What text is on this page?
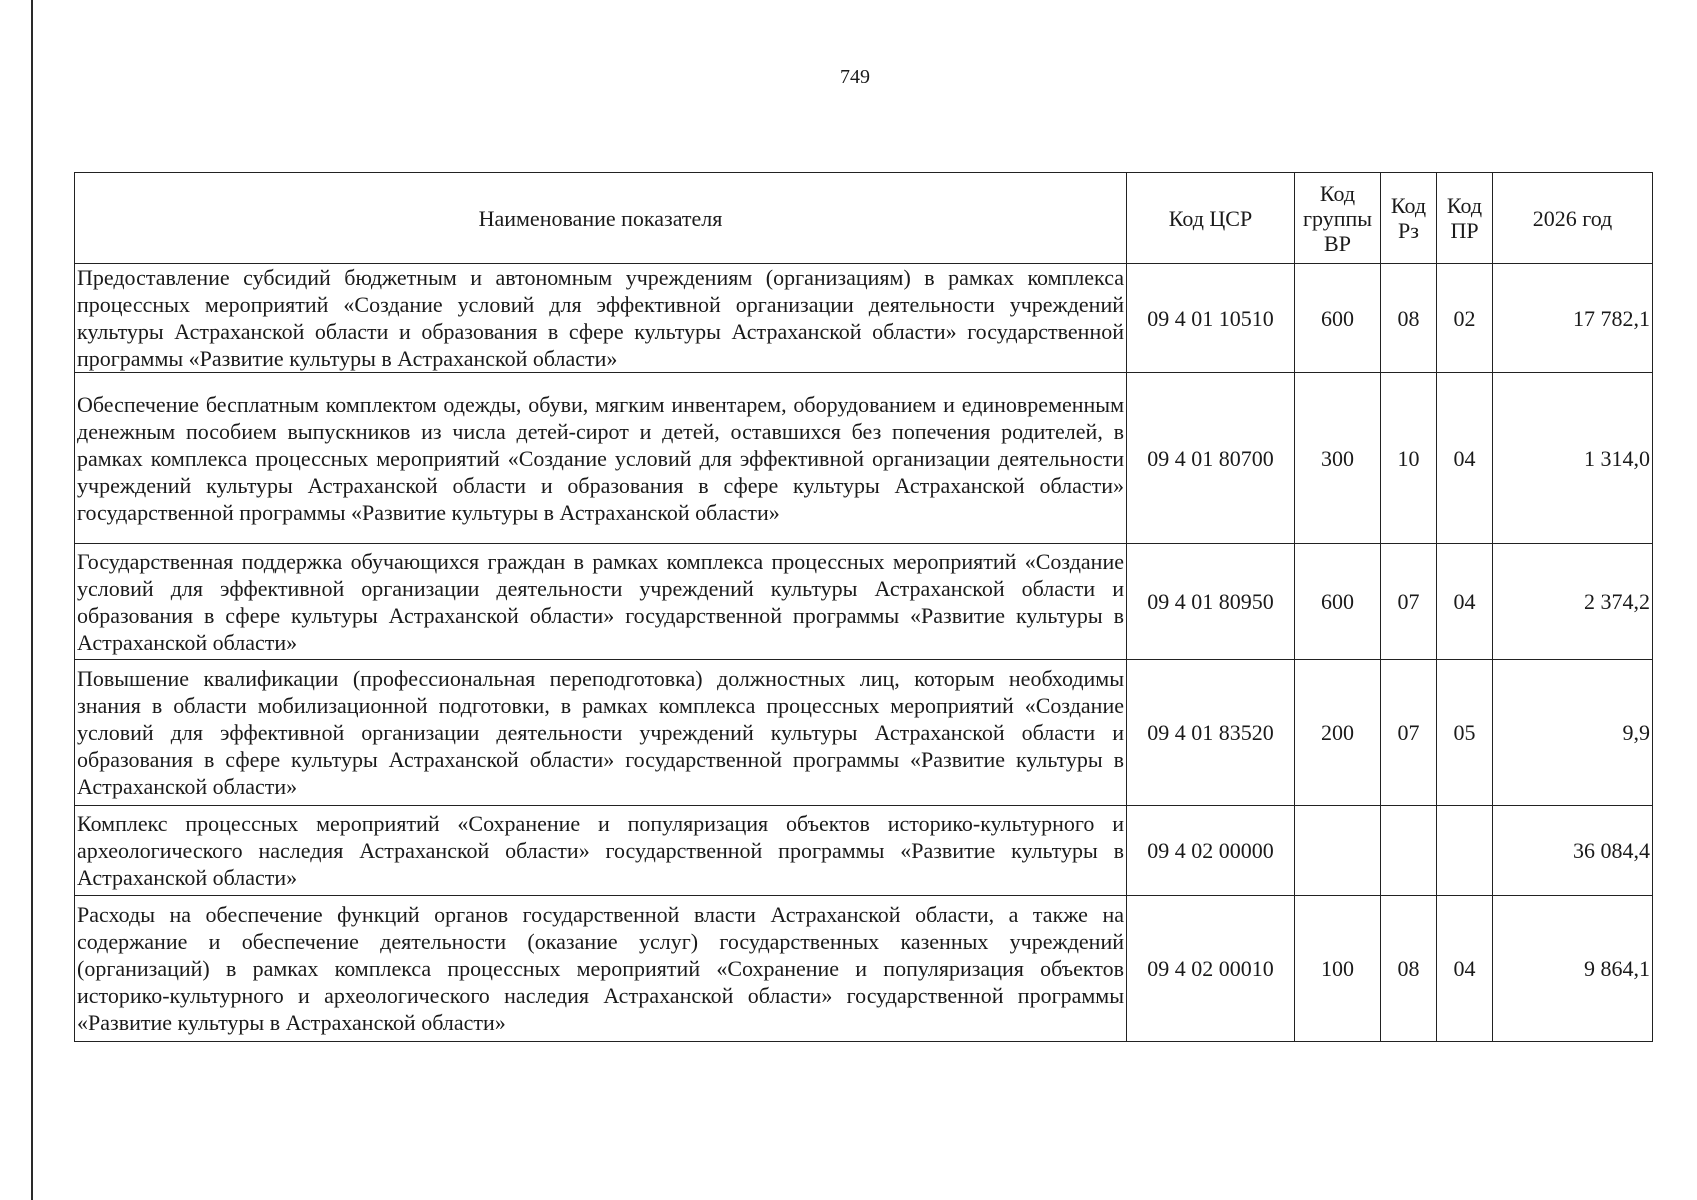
749
Наименование показателя	Код ЦСР	Код группы ВР	Код Рз	Код ПР	2026 год
Предоставление субсидий бюджетным и автономным учреждениям (организациям) в рамках комплекса процессных мероприятий «Создание условий для эффективной организации деятельности учреждений культуры Астраханской области и образования в сфере культуры Астраханской области» государственной программы «Развитие культуры в Астраханской области»	09 4 01 10510	600	08	02	17 782,1
Обеспечение бесплатным комплектом одежды, обуви, мягким инвентарем, оборудованием и единовременным денежным пособием выпускников из числа детей-сирот и детей, оставшихся без попечения родителей, в рамках комплекса процессных мероприятий «Создание условий для эффективной организации деятельности учреждений культуры Астраханской области и образования в сфере культуры Астраханской области» государственной программы «Развитие культуры в Астраханской области»	09 4 01 80700	300	10	04	1 314,0
Государственная поддержка обучающихся граждан в рамках комплекса процессных мероприятий «Создание условий для эффективной организации деятельности учреждений культуры Астраханской области и образования в сфере культуры Астраханской области» государственной программы «Развитие культуры в Астраханской области»	09 4 01 80950	600	07	04	2 374,2
Повышение квалификации (профессиональная переподготовка) должностных лиц, которым необходимы знания в области мобилизационной подготовки, в рамках комплекса процессных мероприятий «Создание условий для эффективной организации деятельности учреждений культуры Астраханской области и образования в сфере культуры Астраханской области» государственной программы «Развитие культуры в Астраханской области»	09 4 01 83520	200	07	05	9,9
Комплекс процессных мероприятий «Сохранение и популяризация объектов историко-культурного и археологического наследия Астраханской области» государственной программы «Развитие культуры в Астраханской области»	09 4 02 00000				36 084,4
Расходы на обеспечение функций органов государственной власти Астраханской области, а также на содержание и обеспечение деятельности (оказание услуг) государственных казенных учреждений (организаций) в рамках комплекса процессных мероприятий «Сохранение и популяризация объектов историко-культурного и археологического наследия Астраханской области» государственной программы «Развитие культуры в Астраханской области»	09 4 02 00010	100	08	04	9 864,1
